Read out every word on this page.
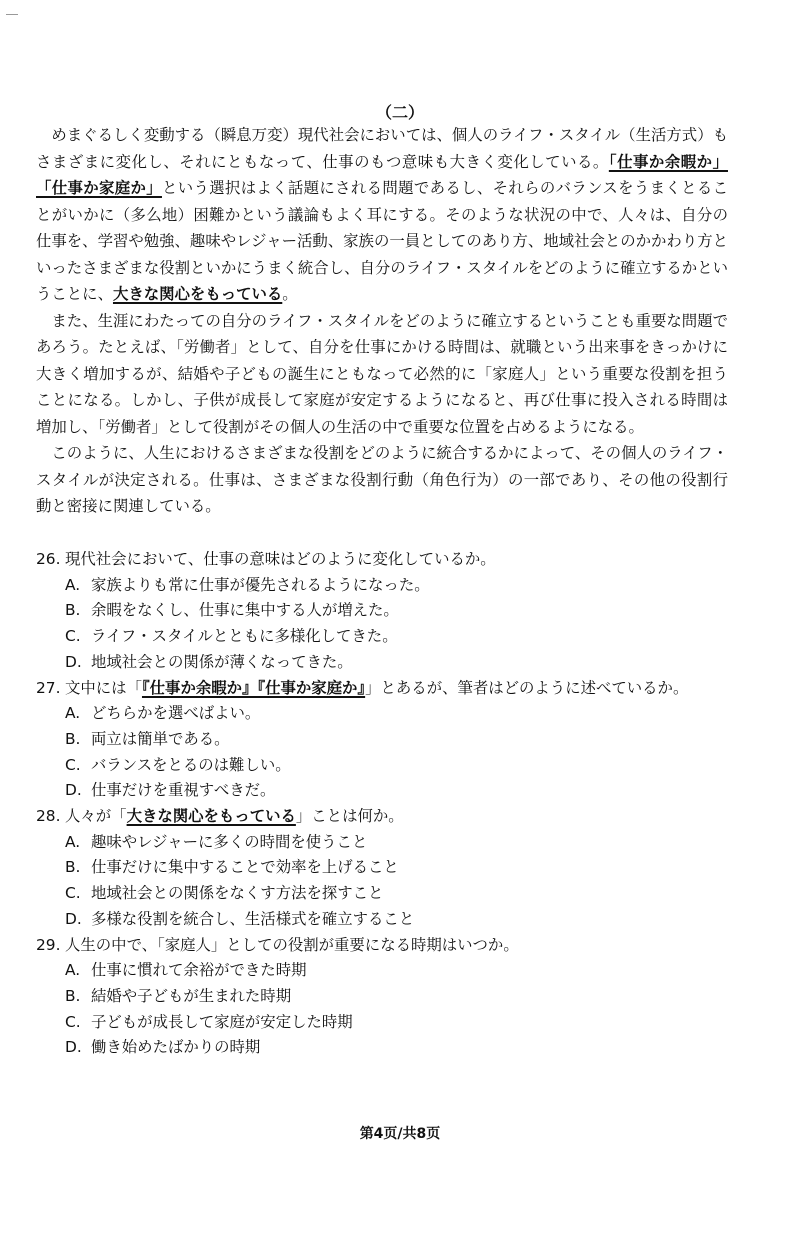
（二）

めまぐるしく変動する（瞬息万変）現代社会においては、個人のライフ・スタイル（生活方式）もさまざまに変化し、それにともなって、仕事のもつ意味も大きく変化している。「仕事か余暇か」「仕事か家庭か」という選択はよく話題にされる問題であるし、それらのバランスをうまくとることがいかに（多么地）困難かという議論もよく耳にする。そのような状況の中で、人々は、自分の仕事を、学習や勉強、趣味やレジャー活動、家族の一員としてのあり方、地域社会とのかかわり方といったさまざまな役割といかにうまく統合し、自分のライフ・スタイルをどのように確立するかということに、大きな関心をもっている。

また、生涯にわたっての自分のライフ・スタイルをどのように確立するということも重要な問題であろう。たとえば、「労働者」として、自分を仕事にかける時間は、就職という出来事をきっかけに大きく増加するが、結婚や子どもの誕生にともなって必然的に「家庭人」という重要な役割を担うことになる。しかし、子供が成長して家庭が安定するようになると、再び仕事に投入される時間は増加し、「労働者」として役割がその個人の生活の中で重要な位置を占めるようになる。

このように、人生におけるさまざまな役割をどのように統合するかによって、その個人のライフ・スタイルが決定される。仕事は、さまざまな役割行動（角色行为）の一部であり、その他の役割行動と密接に関連している。

26. 現代社会において、仕事の意味はどのように変化しているか。
A. 家族よりも常に仕事が優先されるようになった。
B. 余暇をなくし、仕事に集中する人が増えた。
C. ライフ・スタイルとともに多様化してきた。
D. 地域社会との関係が薄くなってきた。
27. 文中には「『仕事か余暇か』『仕事か家庭か』」とあるが、筆者はどのように述べているか。
A. どちらかを選べばよい。
B. 両立は簡単である。
C. バランスをとるのは難しい。
D. 仕事だけを重視すべきだ。
28. 人々が「大きな関心をもっている」ことは何か。
A. 趣味やレジャーに多くの時間を使うこと
B. 仕事だけに集中することで効率を上げること
C. 地域社会との関係をなくす方法を探すこと
D. 多様な役割を統合し、生活様式を確立すること
29. 人生の中で、「家庭人」としての役割が重要になる時期はいつか。
A. 仕事に慣れて余裕ができた時期
B. 結婚や子どもが生まれた時期
C. 子どもが成長して家庭が安定した時期
D. 働き始めたばかりの時期
第4页/共8页
